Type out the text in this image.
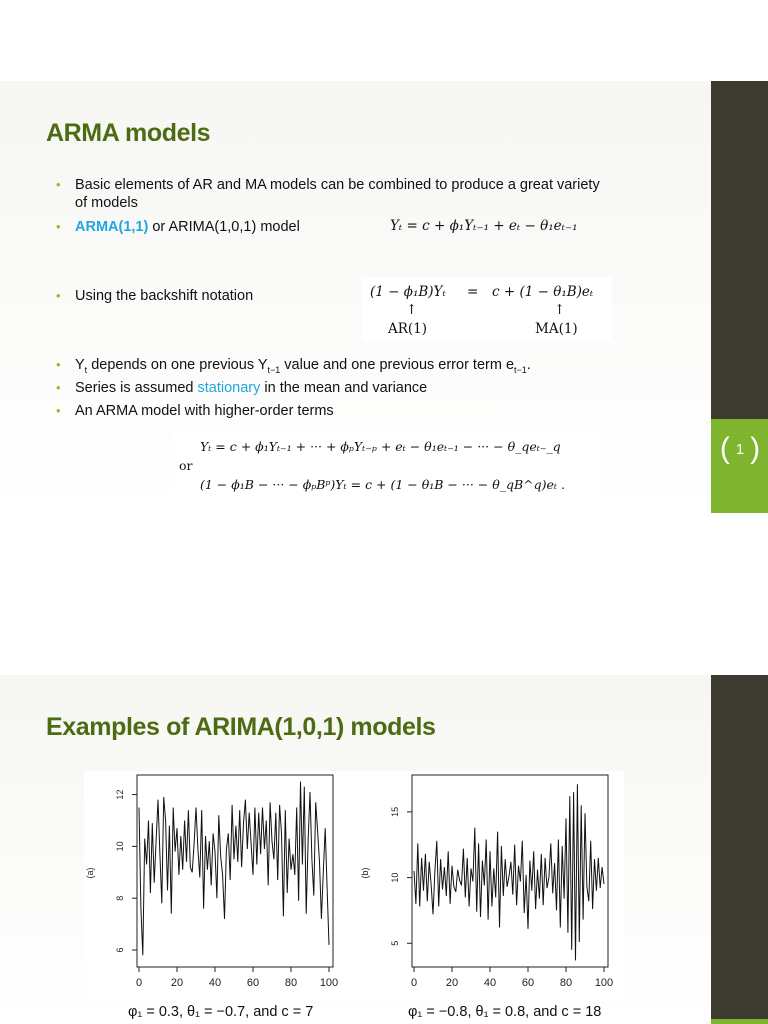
( 1 )
ARMA models
• Basic elements of AR and MA models can be combined to produce a great variety
of models
• ARMA(1,1) or ARIMA(1,0,1) model	Yₜ = c + ϕ₁Yₜ₋₁ + eₜ − θ₁eₜ₋₁
• Using the backshift notation	(1 − ϕ₁B)Yₜ = c + (1 − θ₁B)eₜ
↑	↑
AR(1)	MA(1)
• $Y_t$ depends on one previous $Y_{t-1}$ value and one previous error term $e_{t-1}$.
• Series is assumed stationary in the mean and variance
• An ARMA model with higher-order terms
Yₜ = c + ϕ₁Yₜ₋₁ + ··· + ϕₚYₜ₋ₚ + eₜ − θ₁eₜ₋₁ − ··· − θ_qeₜ₋_q
or
(1 − ϕ₁B − ··· − ϕₚBᵖ)Yₜ = c + (1 − θ₁B − ··· − θ_qB^q)eₜ .
Examples of ARIMA(1,0,1) models
0	20 40 60 80 100
6
8
10
12
(a)
0	20 40 60 80 100
5
10
15
(b)
φ₁ = 0.3, θ₁ = −0.7, and c = 7	φ₁ = −0.8, θ₁ = 0.8, and c = 18
